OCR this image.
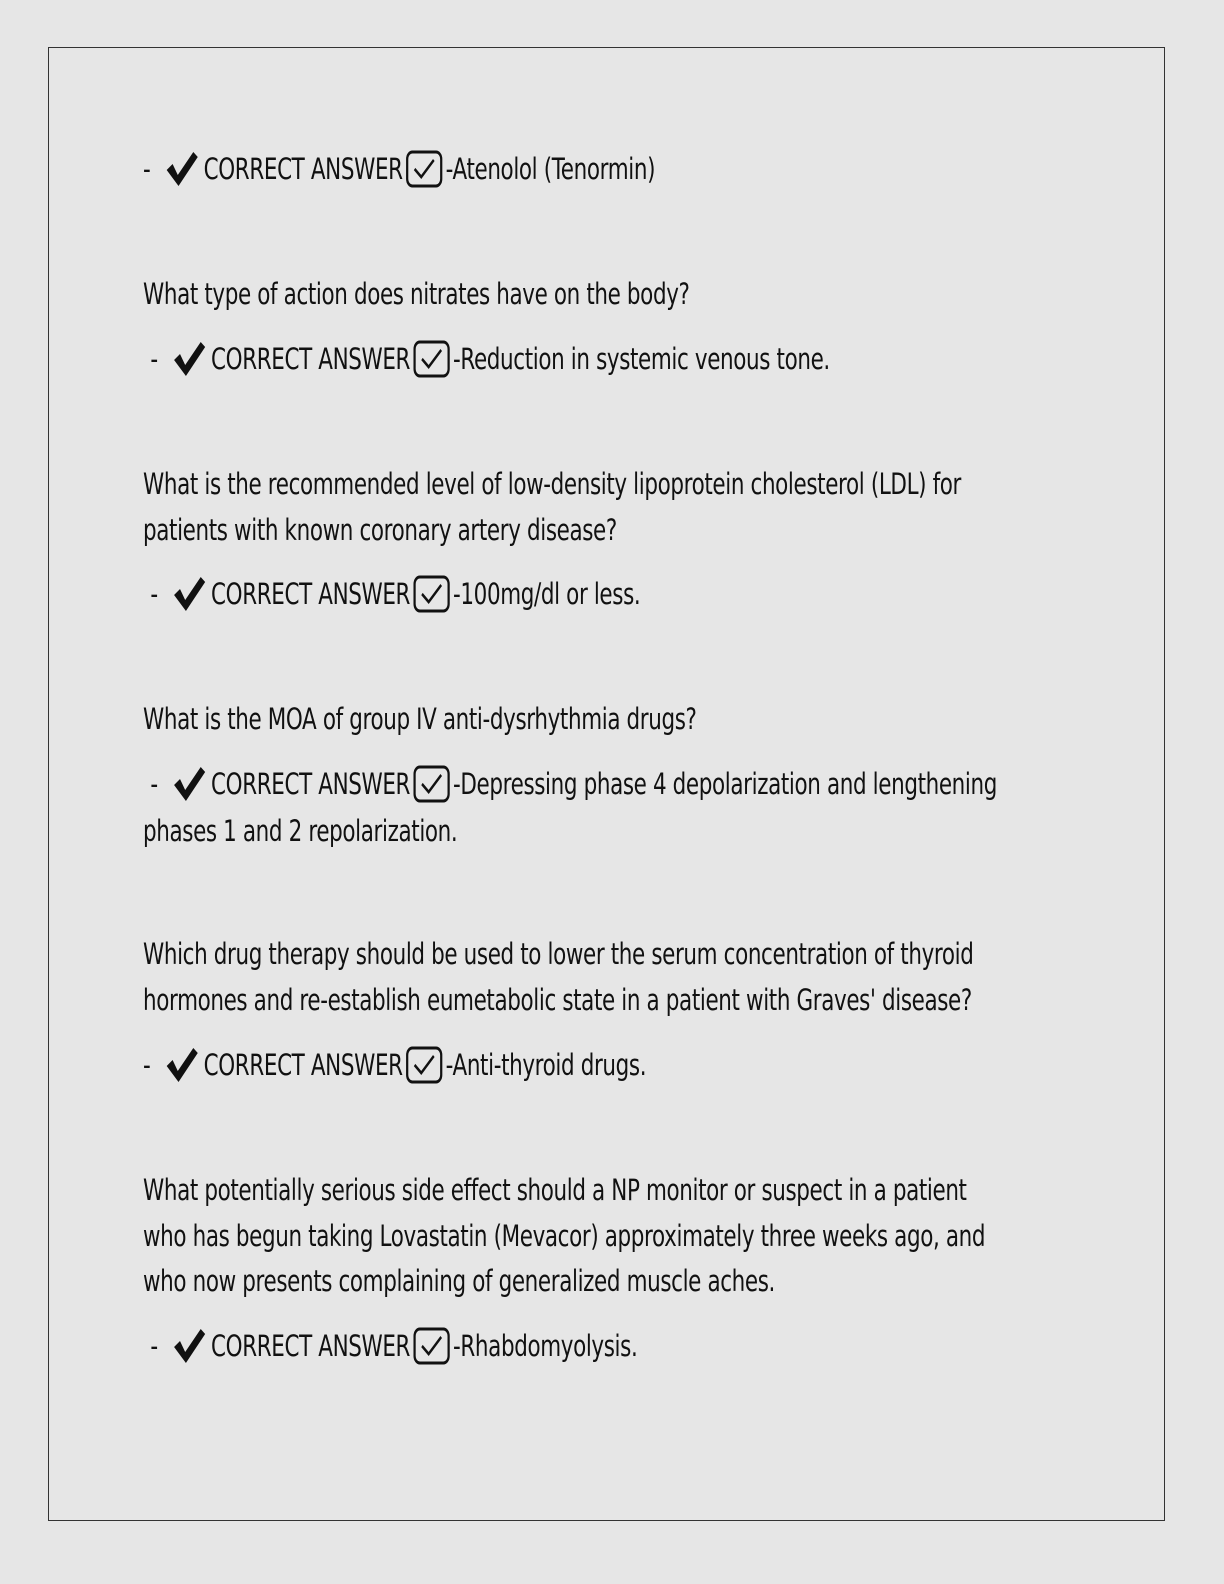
- CORRECT ANSWER -Atenolol (Tenormin)
What type of action does nitrates have on the body?
- CORRECT ANSWER -Reduction in systemic venous tone.
What is the recommended level of low-density lipoprotein cholesterol (LDL) for
patients with known coronary artery disease?
- CORRECT ANSWER -100mg/dl or less.
What is the MOA of group IV anti-dysrhythmia drugs?
- CORRECT ANSWER -Depressing phase 4 depolarization and lengthening
phases 1 and 2 repolarization.
Which drug therapy should be used to lower the serum concentration of thyroid
hormones and re-establish eumetabolic state in a patient with Graves' disease?
- CORRECT ANSWER -Anti-thyroid drugs.
What potentially serious side effect should a NP monitor or suspect in a patient
who has begun taking Lovastatin (Mevacor) approximately three weeks ago, and
who now presents complaining of generalized muscle aches.
- CORRECT ANSWER -Rhabdomyolysis.
